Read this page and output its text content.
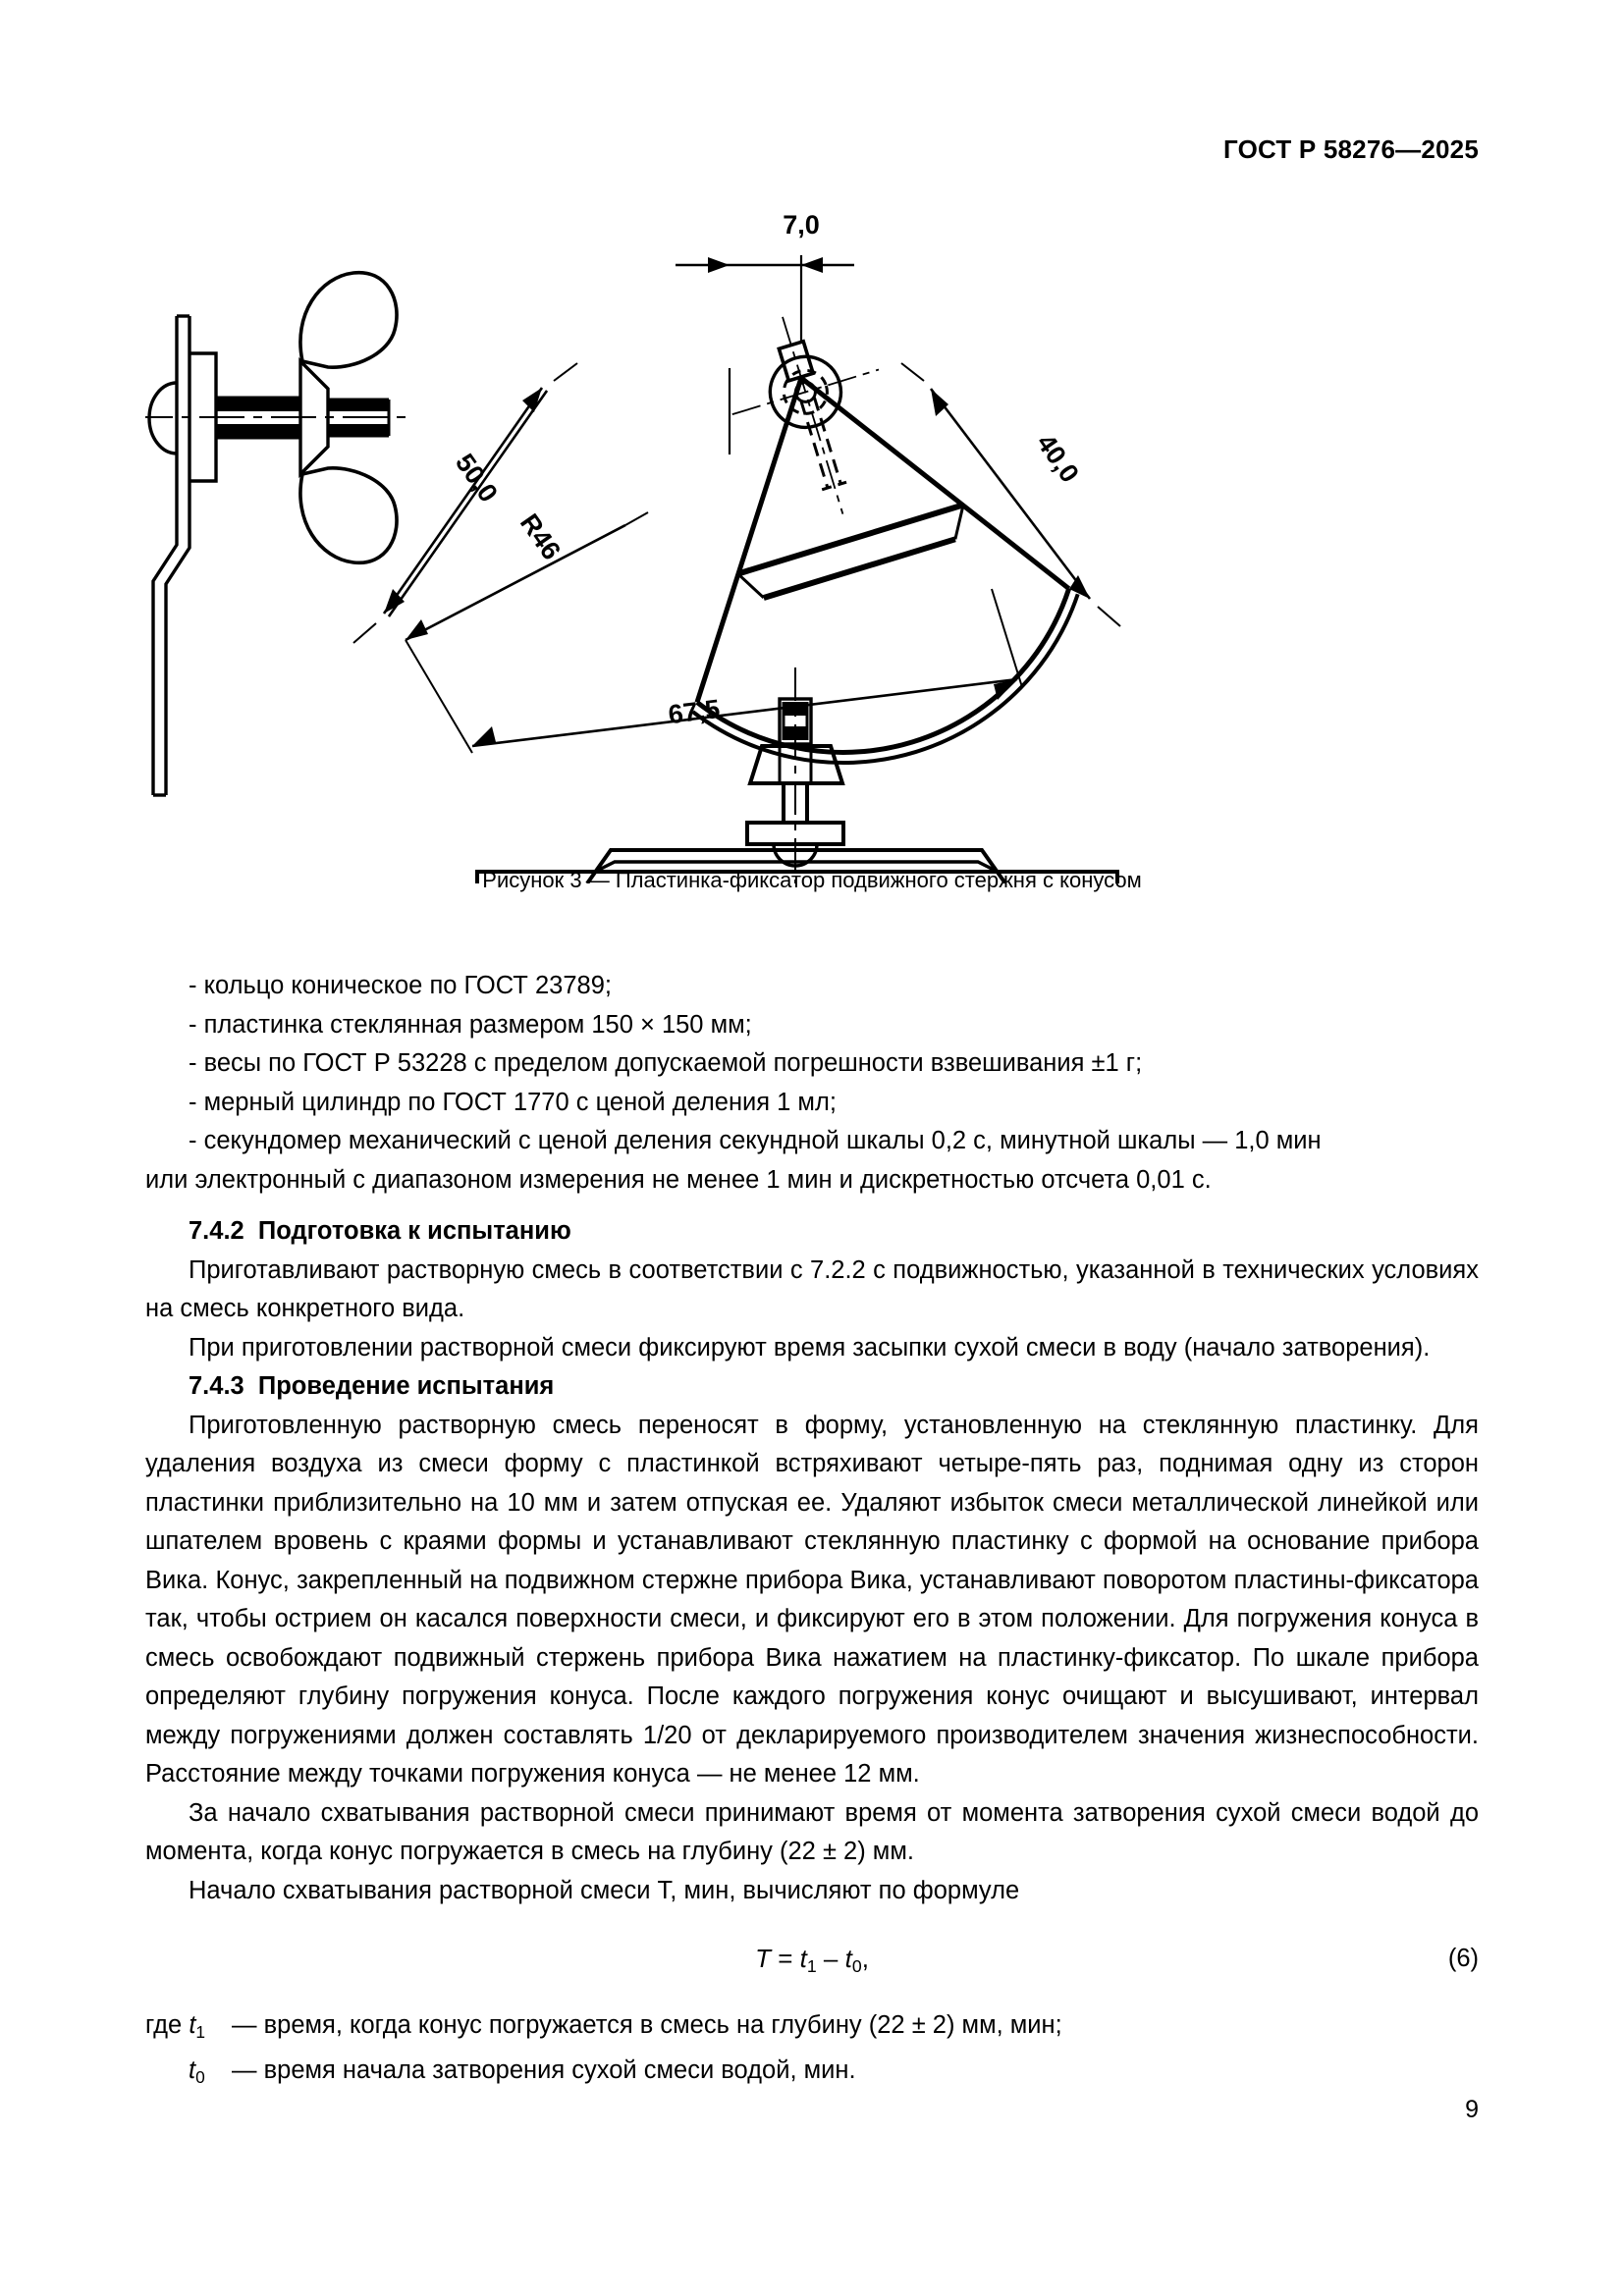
ГОСТ Р 58276—2025
7,0
50,0
R46
40,0
67,5
Рисунок 3 — Пластинка-фиксатор подвижного стержня с конусом

- кольцо коническое по ГОСТ 23789;

- пластинка стеклянная размером 150 × 150 мм;

- весы по ГОСТ Р 53228 с пределом допускаемой погрешности взвешивания ±1 г;

- мерный цилиндр по ГОСТ 1770 с ценой деления 1 мл;

- секундомер механический с ценой деления секундной шкалы 0,2 с, минутной шкалы — 1,0 мин

или электронный с диапазоном измерения не менее 1 мин и дискретностью отсчета 0,01 с.

7.4.2 Подготовка к испытанию

Приготавливают растворную смесь в соответствии с 7.2.2 с подвижностью, указанной в технических условиях на смесь конкретного вида.

При приготовлении растворной смеси фиксируют время засыпки сухой смеси в воду (начало затворения).

7.4.3 Проведение испытания

Приготовленную растворную смесь переносят в форму, установленную на стеклянную пластинку. Для удаления воздуха из смеси форму с пластинкой встряхивают четыре-пять раз, поднимая одну из сторон пластинки приблизительно на 10 мм и затем отпуская ее. Удаляют избыток смеси металлической линейкой или шпателем вровень с краями формы и устанавливают стеклянную пластинку с формой на основание прибора Вика. Конус, закрепленный на подвижном стержне прибора Вика, устанавливают поворотом пластины-фиксатора так, чтобы острием он касался поверхности смеси, и фиксируют его в этом положении. Для погружения конуса в смесь освобождают подвижный стержень прибора Вика нажатием на пластинку-фиксатор. По шкале прибора определяют глубину погружения конуса. После каждого погружения конус очищают и высушивают, интервал между погружениями должен составлять 1/20 от декларируемого производителем значения жизнеспособности. Расстояние между точками погружения конуса — не менее 12 мм.

За начало схватывания растворной смеси принимают время от момента затворения сухой смеси водой до момента, когда конус погружается в смесь на глубину (22 ± 2) мм.

Начало схватывания растворной смеси T, мин, вычисляют по формуле

$T = t_1 - t_0$,	(6)
где $t_1$	— время, когда конус погружается в смесь на глубину (22 ± 2) мм, мин;
$t_0$	— время начала затворения сухой смеси водой, мин.
9
